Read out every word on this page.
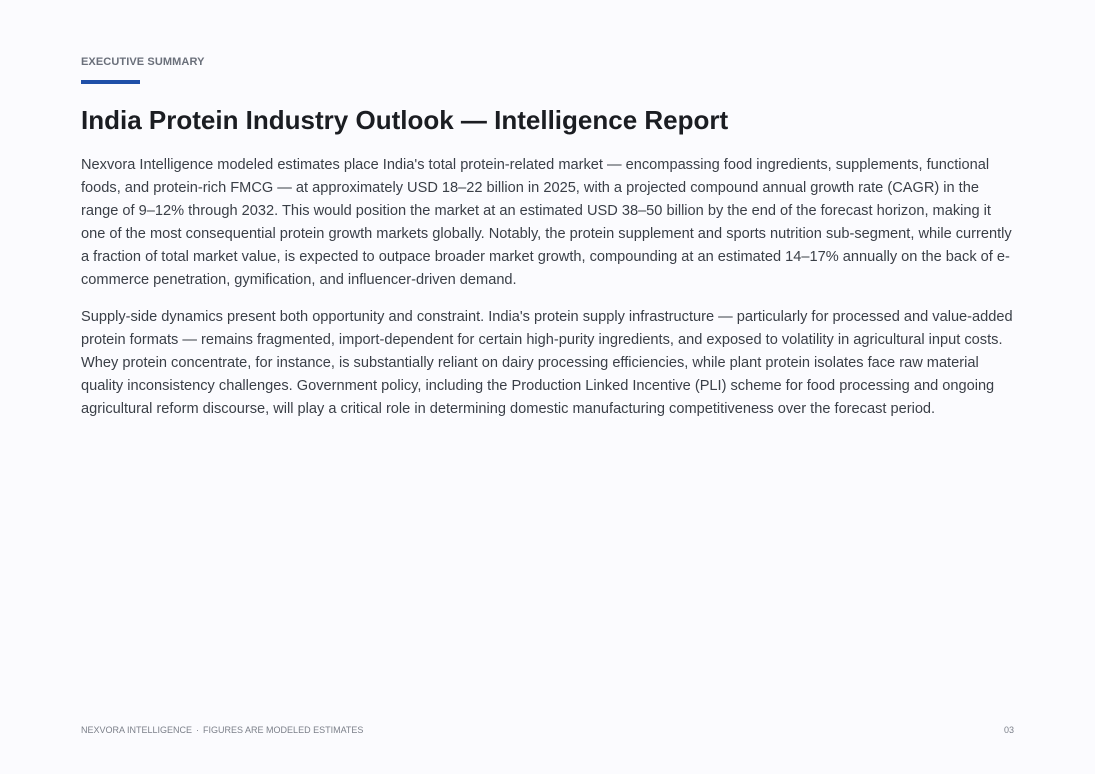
EXECUTIVE SUMMARY
India Protein Industry Outlook — Intelligence Report

Nexvora Intelligence modeled estimates place India's total protein-related market — encompassing food ingredients, supplements, functional foods, and protein-rich FMCG — at approximately USD 18–22 billion in 2025, with a projected compound annual growth rate (CAGR) in the range of 9–12% through 2032. This would position the market at an estimated USD 38–50 billion by the end of the forecast horizon, making it one of the most consequential protein growth markets globally. Notably, the protein supplement and sports nutrition sub-segment, while currently a fraction of total market value, is expected to outpace broader market growth, compounding at an estimated 14–17% annually on the back of e-commerce penetration, gymification, and influencer-driven demand.

Supply-side dynamics present both opportunity and constraint. India's protein supply infrastructure — particularly for processed and value-added protein formats — remains fragmented, import-dependent for certain high-purity ingredients, and exposed to volatility in agricultural input costs. Whey protein concentrate, for instance, is substantially reliant on dairy processing efficiencies, while plant protein isolates face raw material quality inconsistency challenges. Government policy, including the Production Linked Incentive (PLI) scheme for food processing and ongoing agricultural reform discourse, will play a critical role in determining domestic manufacturing competitiveness over the forecast period.

NEXVORA INTELLIGENCE · FIGURES ARE MODELED ESTIMATES	03
